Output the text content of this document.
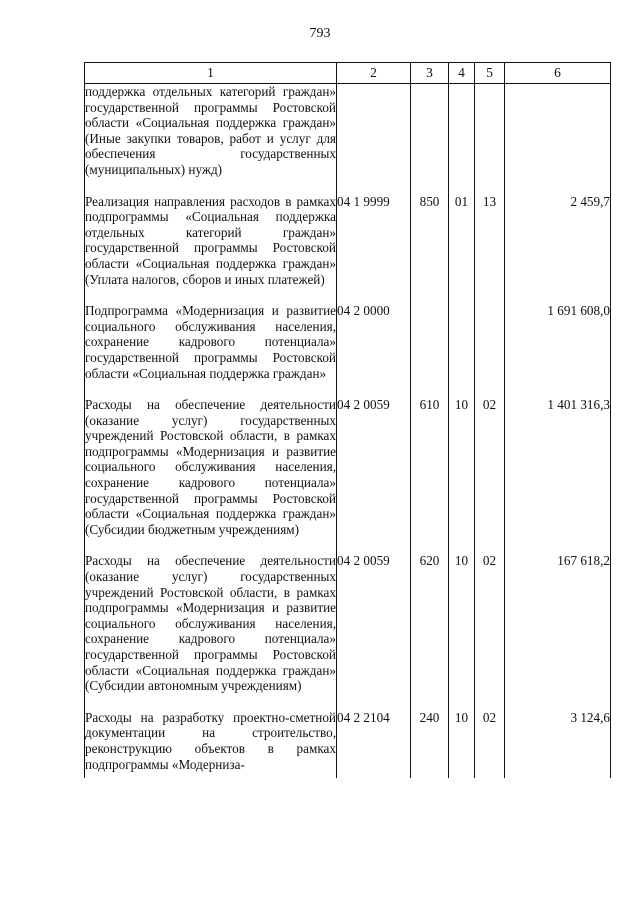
793
1	2	3	4	5	6
поддержка отдельных категорий граждан» государственной программы Ростовской области «Социальная поддержка граждан» (Иные закупки товаров, работ и услуг для обеспечения государственных (муниципальных) нужд)					
Реализация направления расходов в рамках подпрограммы «Социальная поддержка отдельных категорий граждан» государственной программы Ростовской области «Социальная поддержка граждан» (Уплата налогов, сборов и иных платежей)	04 1 9999	850	01	13	2 459,7
Подпрограмма «Модернизация и развитие социального обслуживания населения, сохранение кадрового потенциала» государственной программы Ростовской области «Социальная поддержка граждан»	04 2 0000				1 691 608,0
Расходы на обеспечение деятельности (оказание услуг) государственных учреждений Ростовской области, в рамках подпрограммы «Модернизация и развитие социального обслуживания населения, сохранение кадрового потенциала» государственной программы Ростовской области «Социальная поддержка граждан» (Субсидии бюджетным учреждениям)	04 2 0059	610	10	02	1 401 316,3
Расходы на обеспечение деятельности (оказание услуг) государственных учреждений Ростовской области, в рамках подпрограммы «Модернизация и развитие социального обслуживания населения, сохранение кадрового потенциала» государственной программы Ростовской области «Социальная поддержка граждан» (Субсидии автономным учреждениям)	04 2 0059	620	10	02	167 618,2
Расходы на разработку проектно-сметной документации на строительство, реконструкцию объектов в рамках подпрограммы «Модерниза-	04 2 2104	240	10	02	3 124,6
